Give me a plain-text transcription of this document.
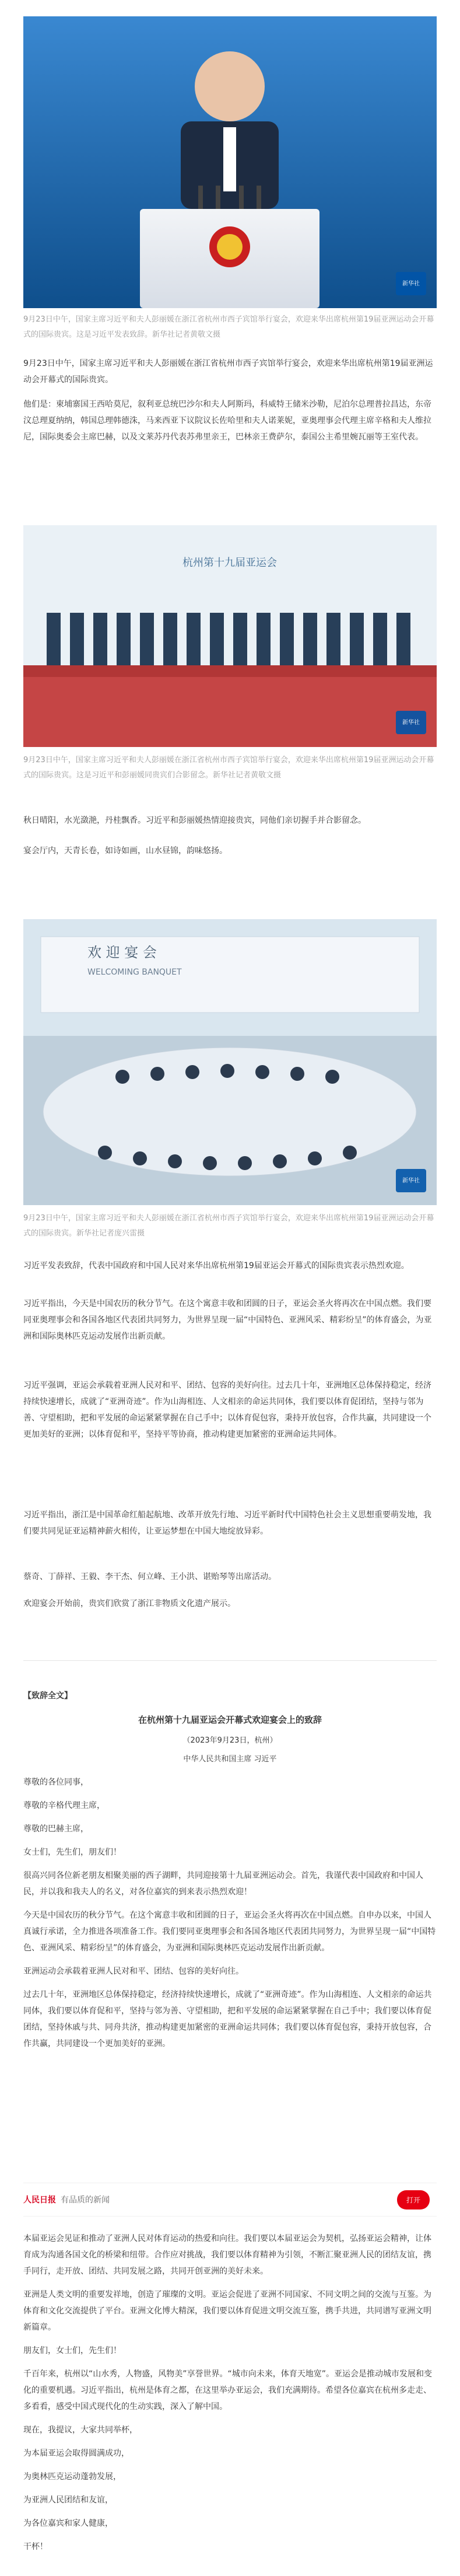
新华社
9月23日中午，国家主席习近平和夫人彭丽媛在浙江省杭州市西子宾馆举行宴会，欢迎来华出席杭州第19届亚洲运动会开幕式的国际贵宾。这是习近平发表致辞。新华社记者黄敬文摄
9月23日中午，国家主席习近平和夫人彭丽媛在浙江省杭州市西子宾馆举行宴会，欢迎来华出席杭州第19届亚洲运动会开幕式的国际贵宾。
他们是：柬埔寨国王西哈莫尼，叙利亚总统巴沙尔和夫人阿斯玛，科威特王储米沙勒，尼泊尔总理普拉昌达，东帝汶总理夏纳纳，韩国总理韩德洙，马来西亚下议院议长佐哈里和夫人诺莱妮，亚奥理事会代理主席辛格和夫人维拉尼，国际奥委会主席巴赫，以及文莱苏丹代表苏弗里亲王，巴林亲王费萨尔，泰国公主希里婉瓦丽等王室代表。
杭州第十九届亚运会
新华社
9月23日中午，国家主席习近平和夫人彭丽媛在浙江省杭州市西子宾馆举行宴会，欢迎来华出席杭州第19届亚洲运动会开幕式的国际贵宾。这是习近平和彭丽媛同贵宾们合影留念。新华社记者黄敬文摄
秋日晴阳，水光潋滟，丹桂飘香。习近平和彭丽媛热情迎接贵宾，同他们亲切握手并合影留念。
宴会厅内，天青长卷，如诗如画，山水昼锦，韵味悠扬。
欢 迎 宴 会
WELCOMING BANQUET
新华社
9月23日中午，国家主席习近平和夫人彭丽媛在浙江省杭州市西子宾馆举行宴会，欢迎来华出席杭州第19届亚洲运动会开幕式的国际贵宾。新华社记者庞兴雷摄
习近平发表致辞，代表中国政府和中国人民对来华出席杭州第19届亚运会开幕式的国际贵宾表示热烈欢迎。
习近平指出，今天是中国农历的秋分节气。在这个寓意丰收和团圆的日子，亚运会圣火将再次在中国点燃。我们要同亚奥理事会和各国各地区代表团共同努力，为世界呈现一届“中国特色、亚洲风采、精彩纷呈”的体育盛会，为亚洲和国际奥林匹克运动发展作出新贡献。
习近平强调，亚运会承载着亚洲人民对和平、团结、包容的美好向往。过去几十年，亚洲地区总体保持稳定，经济持续快速增长，成就了“亚洲奇迹”。作为山海相连、人文相亲的命运共同体，我们要以体育促团结，坚持与邻为善、守望相助，把和平发展的命运紧紧掌握在自己手中；以体育促包容，秉持开放包容，合作共赢，共同建设一个更加美好的亚洲；以体育促和平，坚持平等协商，推动构建更加紧密的亚洲命运共同体。
习近平指出，浙江是中国革命红船起航地、改革开放先行地、习近平新时代中国特色社会主义思想重要萌发地，我们要共同见证亚运精神薪火相传，让亚运梦想在中国大地绽放异彩。
蔡奇、丁薛祥、王毅、李干杰、何立峰、王小洪、谌贻琴等出席活动。
欢迎宴会开始前，贵宾们欣赏了浙江非物质文化遗产展示。
【致辞全文】
在杭州第十九届亚运会开幕式欢迎宴会上的致辞
（2023年9月23日，杭州）
中华人民共和国主席 习近平
尊敬的各位同事，
尊敬的辛格代理主席，
尊敬的巴赫主席，
女士们，先生们，朋友们！
很高兴同各位新老朋友相聚美丽的西子湖畔，共同迎接第十九届亚洲运动会。首先，我谨代表中国政府和中国人民，并以我和我夫人的名义，对各位嘉宾的到来表示热烈欢迎！
今天是中国农历的秋分节气。在这个寓意丰收和团圆的日子，亚运会圣火将再次在中国点燃。自申办以来，中国人真诚行承诺，全力推进各项准备工作。我们要同亚奥理事会和各国各地区代表团共同努力，为世界呈现一届“中国特色、亚洲风采、精彩纷呈”的体育盛会，为亚洲和国际奥林匹克运动发展作出新贡献。
亚洲运动会承载着亚洲人民对和平、团结、包容的美好向往。
过去几十年，亚洲地区总体保持稳定，经济持续快速增长，成就了“亚洲奇迹”。作为山海相连、人文相亲的命运共同体，我们要以体育促和平，坚持与邻为善、守望相助，把和平发展的命运紧紧掌握在自己手中；我们要以体育促团结，坚持休戚与共、同舟共济，推动构建更加紧密的亚洲命运共同体；我们要以体育促包容，秉持开放包容，合作共赢，共同建设一个更加美好的亚洲。
人民日报 有品质的新闻	打开
本届亚运会见证和推动了亚洲人民对体育运动的热爱和向往。我们要以本届亚运会为契机，弘扬亚运会精神，让体育成为沟通各国文化的桥梁和纽带。合作应对挑战，我们要以体育精神为引领，不断汇聚亚洲人民的团结友谊，携手同行，走开放、团结、共同发展之路，共同开创亚洲的美好未来。
亚洲是人类文明的重要发祥地，创造了璀璨的文明。亚运会促进了亚洲不同国家、不同文明之间的交流与互鉴。为体育和文化交流提供了平台。亚洲文化博大精深，我们要以体育促进文明交流互鉴，携手共进，共同谱写亚洲文明新篇章。
朋友们，女士们，先生们！
千百年来，杭州以“山水秀，人物盛，风物美”享誉世界。“城市向未来，体育天地宽”。亚运会是推动城市发展和变化的重要机遇。习近平指出，杭州是体育之都，在这里举办亚运会，我们充满期待。希望各位嘉宾在杭州多走走、多看看，感受中国式现代化的生动实践，深入了解中国。
现在，我提议，大家共同举杯，
为本届亚运会取得圆满成功，
为奥林匹克运动蓬勃发展，
为亚洲人民团结和友谊，
为各位嘉宾和家人健康，
干杯！
